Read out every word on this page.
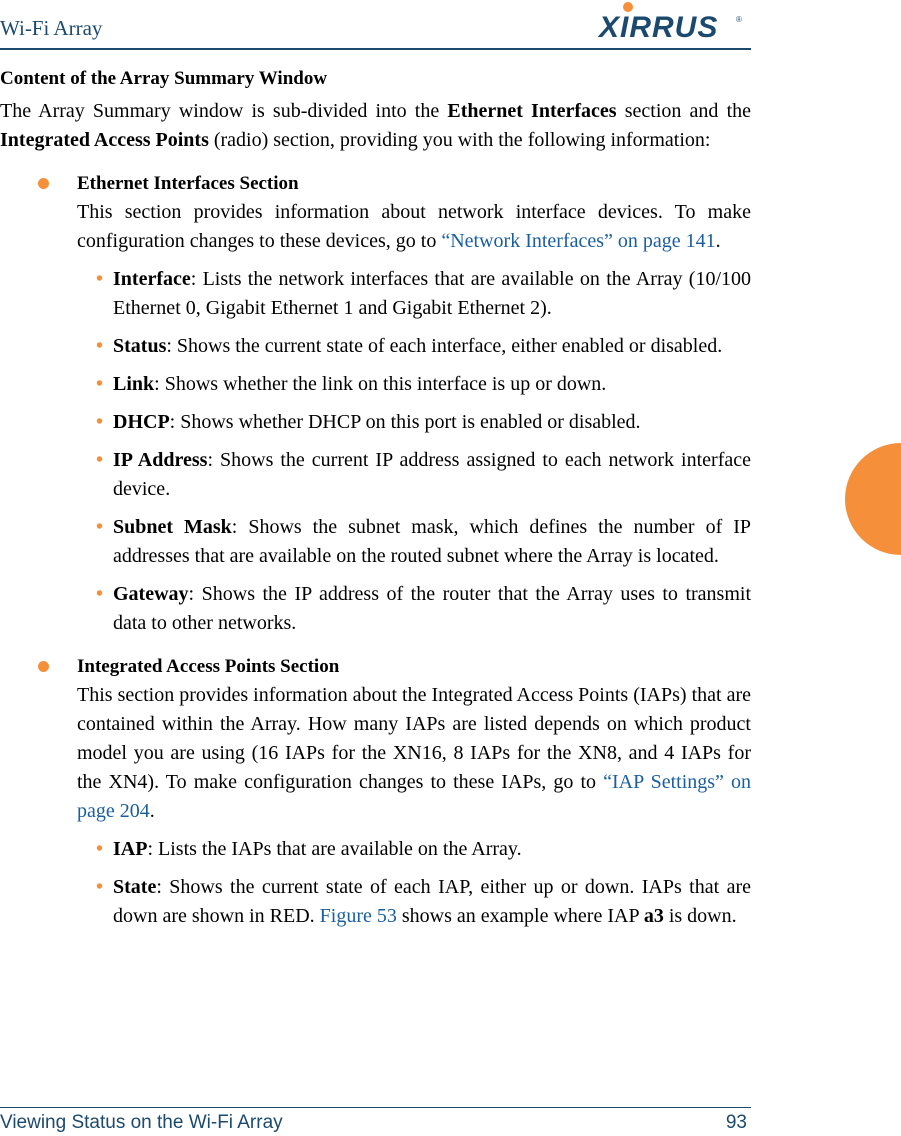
Wi-Fi Array	XIRRUS ®
Content of the Array Summary Window

The Array Summary window is sub-divided into the Ethernet Interfaces section and the Integrated Access Points (radio) section, providing you with the following information:

Ethernet Interfaces Section

This section provides information about network interface devices. To make configuration changes to these devices, go to “Network Interfaces” on page 141.

• Interface: Lists the network interfaces that are available on the Array (10/100 Ethernet 0, Gigabit Ethernet 1 and Gigabit Ethernet 2).

• Status: Shows the current state of each interface, either enabled or disabled.

• Link: Shows whether the link on this interface is up or down.

• DHCP: Shows whether DHCP on this port is enabled or disabled.

• IP Address: Shows the current IP address assigned to each network interface device.

• Subnet Mask: Shows the subnet mask, which defines the number of IP addresses that are available on the routed subnet where the Array is located.

• Gateway: Shows the IP address of the router that the Array uses to transmit data to other networks.

Integrated Access Points Section

This section provides information about the Integrated Access Points (IAPs) that are contained within the Array. How many IAPs are listed depends on which product model you are using (16 IAPs for the XN16, 8 IAPs for the XN8, and 4 IAPs for the XN4). To make configuration changes to these IAPs, go to “IAP Settings” on page 204.

• IAP: Lists the IAPs that are available on the Array.

• State: Shows the current state of each IAP, either up or down. IAPs that are down are shown in RED. Figure 53 shows an example where IAP a3 is down.

Viewing Status on the Wi-Fi Array	93
